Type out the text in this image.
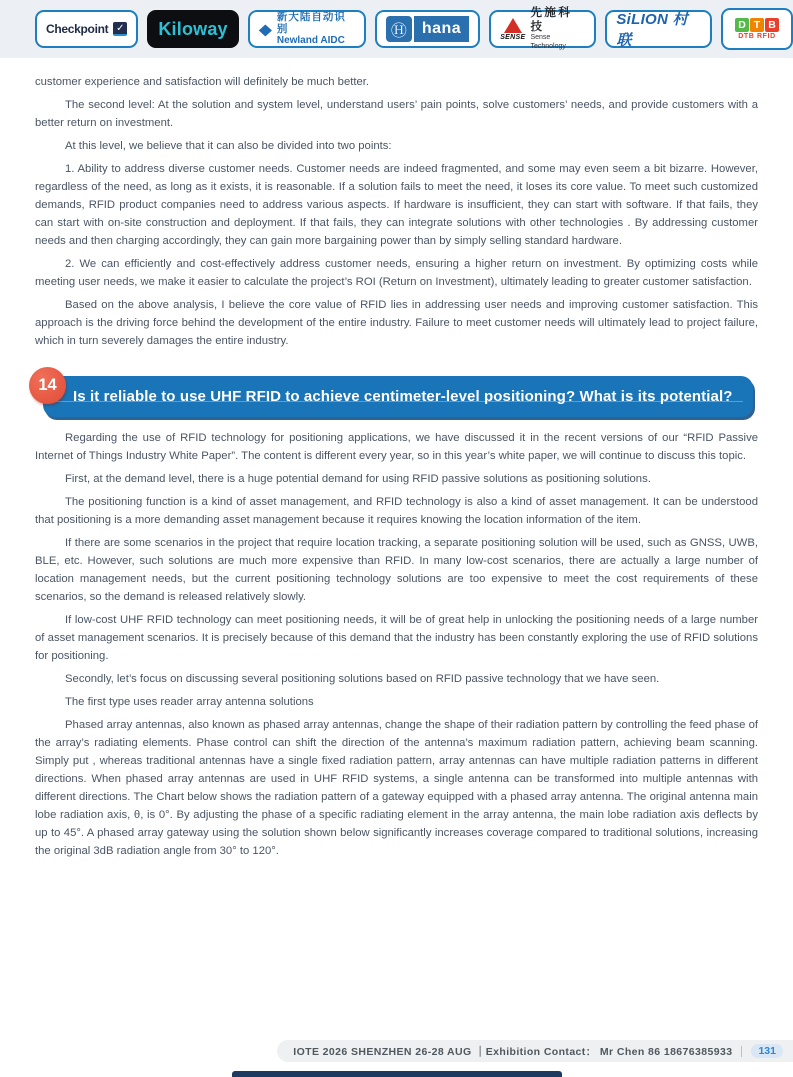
Checkpoint ✓ Kiloway ◆
新大陆自动识别
Newland AIDC
Ⓗ hana	SENSE
先施科技
Sense Technology
SiLION 村联
D T B
DTB RFID

customer experience and satisfaction will definitely be much better.

The second level: At the solution and system level, understand users’ pain points, solve customers’ needs, and provide customers with a better return on investment.

At this level, we believe that it can also be divided into two points:

1. Ability to address diverse customer needs. Customer needs are indeed fragmented, and some may even seem a bit bizarre. However, regardless of the need, as long as it exists, it is reasonable. If a solution fails to meet the need, it loses its core value. To meet such customized demands, RFID product companies need to address various aspects. If hardware is insufficient, they can start with software. If that fails, they can start with on-site construction and deployment. If that fails, they can integrate solutions with other technologies . By addressing customer needs and then charging accordingly, they can gain more bargaining power than by simply selling standard hardware.

2. We can efficiently and cost-effectively address customer needs, ensuring a higher return on investment. By optimizing costs while meeting user needs, we make it easier to calculate the project’s ROI (Return on Investment), ultimately leading to greater customer satisfaction.

Based on the above analysis, I believe the core value of RFID lies in addressing user needs and improving customer satisfaction. This approach is the driving force behind the development of the entire industry. Failure to meet customer needs will ultimately lead to project failure, which in turn severely damages the entire industry.

14
Is it reliable to use UHF RFID to achieve centimeter-level positioning? What is its potential?

Regarding the use of RFID technology for positioning applications, we have discussed it in the recent versions of our “RFID Passive Internet of Things Industry White Paper”. The content is different every year, so in this year’s white paper, we will continue to discuss this topic.

First, at the demand level, there is a huge potential demand for using RFID passive solutions as positioning solutions.

The positioning function is a kind of asset management, and RFID technology is also a kind of asset management. It can be understood that positioning is a more demanding asset management because it requires knowing the location information of the item.

If there are some scenarios in the project that require location tracking, a separate positioning solution will be used, such as GNSS, UWB, BLE, etc. However, such solutions are much more expensive than RFID. In many low-cost scenarios, there are actually a large number of location management needs, but the current positioning technology solutions are too expensive to meet the cost requirements of these scenarios, so the demand is released relatively slowly.

If low-cost UHF RFID technology can meet positioning needs, it will be of great help in unlocking the positioning needs of a large number of asset management scenarios. It is precisely because of this demand that the industry has been constantly exploring the use of RFID solutions for positioning.

Secondly, let’s focus on discussing several positioning solutions based on RFID passive technology that we have seen.

The first type uses reader array antenna solutions

Phased array antennas, also known as phased array antennas, change the shape of their radiation pattern by controlling the feed phase of the array’s radiating elements. Phase control can shift the direction of the antenna’s maximum radiation pattern, achieving beam scanning. Simply put , whereas traditional antennas have a single fixed radiation pattern, array antennas can have multiple radiation patterns in different directions. When phased array antennas are used in UHF RFID systems, a single antenna can be transformed into multiple antennas with different directions. The Chart below shows the radiation pattern of a gateway equipped with a phased array antenna. The original antenna main lobe radiation axis, θ, is 0°. By adjusting the phase of a specific radiating element in the array antenna, the main lobe radiation axis deflects by up to 45°. A phased array gateway using the solution shown below significantly increases coverage compared to traditional solutions, increasing the original 3dB radiation angle from 30° to 120°.

IOTE 2026 SHENZHEN 26-28 AUG ｜Exhibition Contact： Mr Chen 86 18676385933	131
